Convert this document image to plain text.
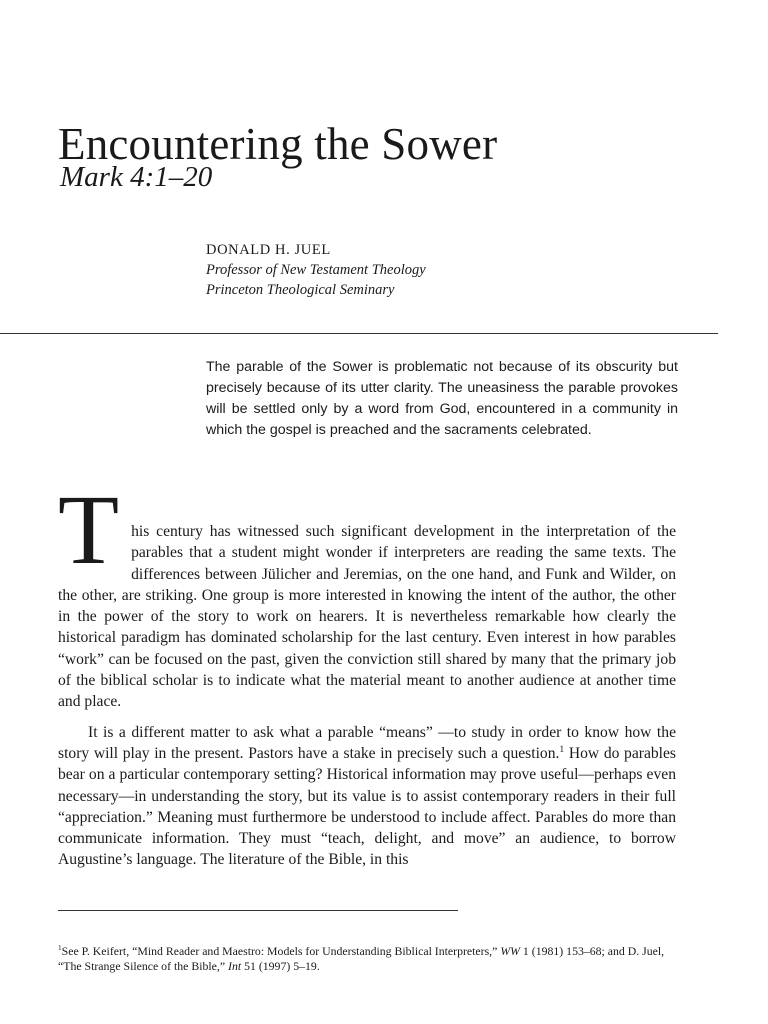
Encountering the Sower
Mark 4:1–20
DONALD H. JUEL
Professor of New Testament Theology
Princeton Theological Seminary
The parable of the Sower is problematic not because of its obscurity but precisely because of its utter clarity. The uneasiness the parable provokes will be settled only by a word from God, encountered in a community in which the gospel is preached and the sacraments celebrated.
T his century has witnessed such significant development in the interpretation of the parables that a student might wonder if interpreters are reading the same texts. The differences between Jülicher and Jeremias, on the one hand, and Funk and Wilder, on the other, are striking. One group is more interested in knowing the intent of the author, the other in the power of the story to work on hearers. It is nevertheless remarkable how clearly the historical paradigm has dominated scholarship for the last century. Even interest in how parables “work” can be focused on the past, given the conviction still shared by many that the primary job of the biblical scholar is to indicate what the material meant to another audience at another time and place.

It is a different matter to ask what a parable “means” —to study in order to know how the story will play in the present. Pastors have a stake in precisely such a question.$^1$ How do parables bear on a particular contemporary setting? Historical information may prove useful—perhaps even necessary—in understanding the story, but its value is to assist contemporary readers in their full “appreciation.” Meaning must furthermore be understood to include affect. Parables do more than communicate information. They must “teach, delight, and move” an audience, to borrow Augustine’s language. The literature of the Bible, in this

$^1$See P. Keifert, “Mind Reader and Maestro: Models for Understanding Biblical Interpreters,” WW 1 (1981) 153–68; and D. Juel, “The Strange Silence of the Bible,” Int 51 (1997) 5–19.
